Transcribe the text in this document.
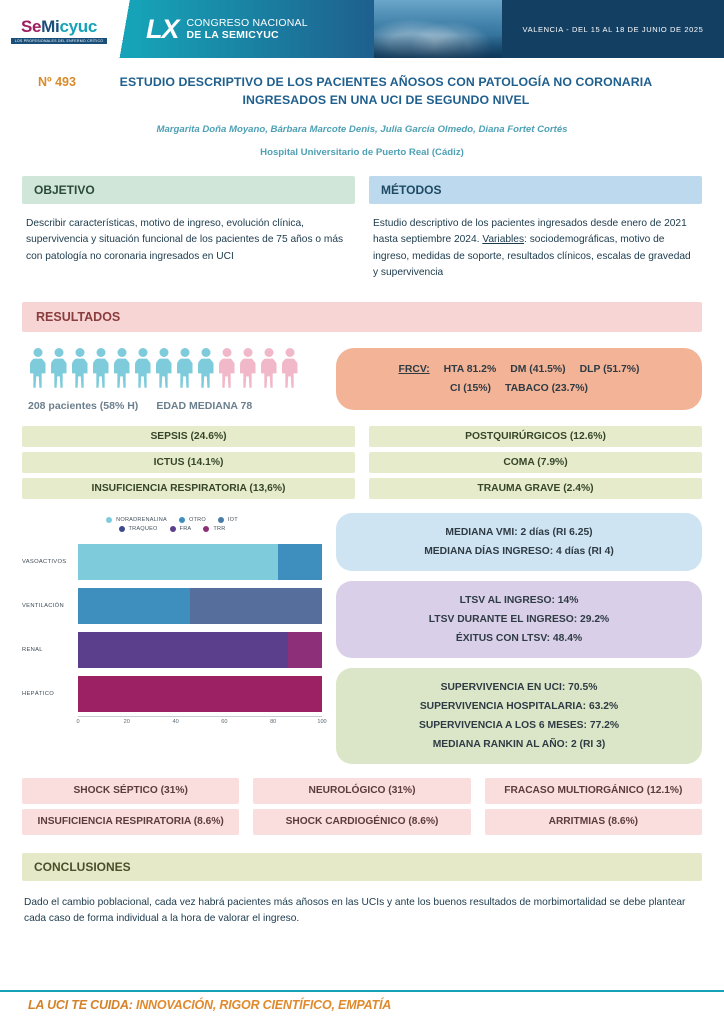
SeMicyuc
LOS PROFESIONALES DEL ENFERMO CRÍTICO LX CONGRESO NACIONAL
DE LA SEMICYUC	VALENCIA - DEL 15 AL 18 DE JUNIO DE 2025
Nº 493	ESTUDIO DESCRIPTIVO DE LOS PACIENTES AÑOSOS CON PATOLOGÍA NO CORONARIA INGRESADOS EN UNA UCI DE SEGUNDO NIVEL
Margarita Doña Moyano, Bárbara Marcote Denis, Julia García Olmedo, Diana Fortet Cortés
Hospital Universitario de Puerto Real (Cádiz)
OBJETIVO
Describir características, motivo de ingreso, evolución clínica, supervivencia y situación funcional de los pacientes de 75 años o más con patología no coronaria ingresados en UCI
MÉTODOS
Estudio descriptivo de los pacientes ingresados desde enero de 2021 hasta septiembre 2024. Variables: sociodemográficas, motivo de ingreso, medidas de soporte, resultados clínicos, escalas de gravedad y supervivencia
RESULTADOS
208 pacientes (58% H) EDAD MEDIANA 78
FRCV: HTA 81.2% DM (41.5%) DLP (51.7%)
CI (15%) TABACO (23.7%)
SEPSIS (24.6%)	POSTQUIRÚRGICOS (12.6%)
ICTUS (14.1%)	COMA (7.9%)
INSUFICIENCIA RESPIRATORIA (13,6%)	TRAUMA GRAVE (2.4%)
NORADRENALINA	OTRO	IOT
TRAQUEO	FRA	TRR
VASOACTIVOS
VENTILACIÓN
RENAL
HEPÁTICO
0	20	40	60	80	100
MEDIANA VMI: 2 días (RI 6.25)
MEDIANA DÍAS INGRESO: 4 días (RI 4)
LTSV AL INGRESO: 14%
LTSV DURANTE EL INGRESO: 29.2%
ÉXITUS CON LTSV: 48.4%
SUPERVIVENCIA EN UCI: 70.5%
SUPERVIVENCIA HOSPITALARIA: 63.2%
SUPERVIVENCIA A LOS 6 MESES: 77.2%
MEDIANA RANKIN AL AÑO: 2 (RI 3)
SHOCK SÉPTICO (31%)	NEUROLÓGICO (31%)	FRACASO MULTIORGÁNICO (12.1%)
INSUFICIENCIA RESPIRATORIA (8.6%)	SHOCK CARDIOGÉNICO (8.6%)	ARRITMIAS (8.6%)
CONCLUSIONES
Dado el cambio poblacional, cada vez habrá pacientes más añosos en las UCIs y ante los buenos resultados de morbimortalidad se debe plantear cada caso de forma individual a la hora de valorar el ingreso.
LA UCI TE CUIDA: INNOVACIÓN, RIGOR CIENTÍFICO, EMPATÍA
